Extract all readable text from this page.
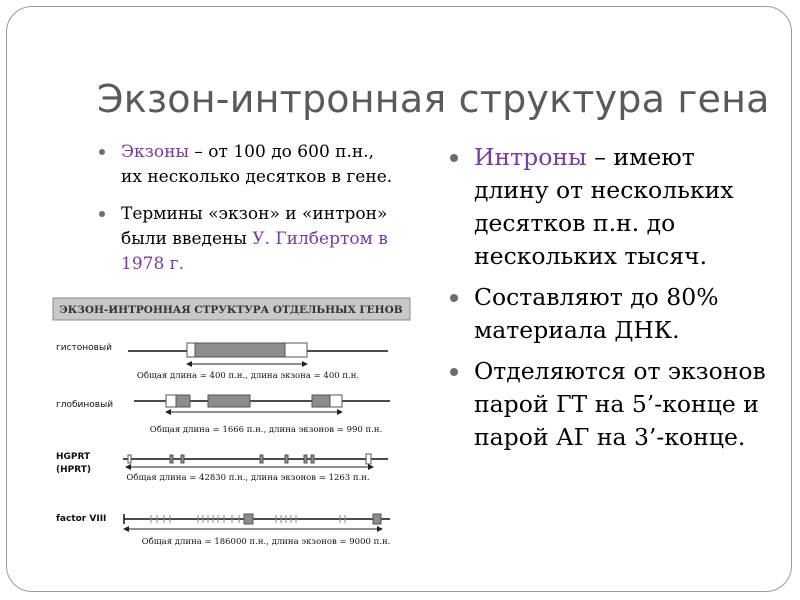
Экзон-интронная структура гена
Экзоны – от 100 до 600 п.н., их несколько десятков в гене.
Термины «экзон» и «интрон» были введены У. Гилбертом в 1978 г.
Интроны – имеют длину от нескольких десятков п.н. до нескольких тысяч.
Составляют до 80% материала ДНК.
Отделяются от экзонов парой ГТ на 5’-конце и парой АГ на 3’-конце.
ЭКЗОН-ИНТРОННАЯ СТРУКТУРА ОТДЕЛЬНЫХ ГЕНОВ
гистоновый
Общая длина = 400 п.н., длина экзона = 400 п.н.
глобиновый
Общая длина = 1666 п.н., длина экзонов = 990 п.н.
HGPRT
(HPRT)
Общая длина = 42830 п.н., длина экзонов = 1263 п.н.
factor VIII
Общая длина = 186000 п.н., длина экзонов = 9000 п.н.
